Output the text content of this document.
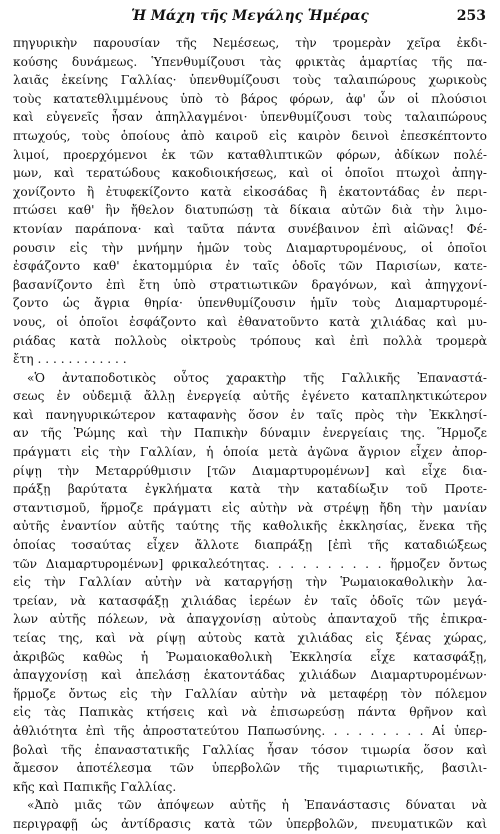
Ἡ Μάχη τῆς Μεγάλης Ἡμέρας	253
πηγυρικὴν παρουσίαν τῆς Νεμέσεως, τὴν τρομερὰν χεῖρα ἐκδι-
κούσης δυνάμεως. Ὑπενθυμίζουσι τὰς φρικτὰς ἁμαρτίας τῆς πα-
λαιᾶς ἐκείνης Γαλλίας· ὑπενθυμίζουσι τοὺς ταλαιπώρους χωρικοὺς
τοὺς κατατεθλιμμένους ὑπὸ τὸ βάρος φόρων, ἀφ' ὧν οἱ πλούσιοι
καὶ εὐγενεῖς ἦσαν ἀπηλλαγμένοι· ὑπενθυμίζουσι τοὺς ταλαιπώρους
πτωχούς, τοὺς ὁποίους ἀπὸ καιροῦ εἰς καιρὸν δεινοὶ ἐπεσκέπτοντο
λιμοί, προερχόμενοι ἐκ τῶν καταθλιπτικῶν φόρων, ἀδίκων πολέ-
μων, καὶ τερατώδους κακοδιοικήσεως, καὶ οἱ ὁποῖοι πτωχοὶ ἀπηγ-
χονίζοντο ἢ ἐτυφεκίζοντο κατὰ εἰκοσάδας ἢ ἑκατοντάδας ἐν περι-
πτώσει καθ' ἣν ἤθελον διατυπώσῃ τὰ δίκαια αὐτῶν διὰ τὴν λιμο-
κτονίαν παράπονα· καὶ ταῦτα πάντα συνέβαινον ἐπὶ αἰῶνας! Φέ-
ρουσιν εἰς τὴν μνήμην ἡμῶν τοὺς Διαμαρτυρομένους, οἱ ὁποῖοι
ἐσφάζοντο καθ' ἑκατομμύρια ἐν ταῖς ὁδοῖς τῶν Παρισίων, κατε-
βασανίζοντο ἐπὶ ἔτη ὑπὸ στρατιωτικῶν δραγόνων, καὶ ἀπηγχονί-
ζοντο ὡς ἄγρια θηρία· ὑπενθυμίζουσιν ἡμῖν τοὺς Διαμαρτυρομέ-
νους, οἱ ὁποῖοι ἐσφάζοντο καὶ ἐθανατοῦντο κατὰ χιλιάδας καὶ μυ-
ριάδας κατὰ πολλοὺς οἰκτροὺς τρόπους καὶ ἐπὶ πολλὰ τρομερὰ
ἔτη . . . . . . . . . . . .
«Ὁ ἀνταποδοτικὸς οὗτος χαρακτὴρ τῆς Γαλλικῆς Ἐπαναστά-
σεως ἐν οὐδεμιᾷ ἄλλῃ ἐνεργείᾳ αὐτῆς ἐγένετο καταπληκτικώτερον
καὶ πανηγυρικώτερον καταφανὴς ὅσον ἐν ταῖς πρὸς τὴν Ἐκκλησί-
αν τῆς Ῥώμης καὶ τὴν Παπικὴν δύναμιν ἐνεργείαις της. Ἥρμοζε
πράγματι εἰς τὴν Γαλλίαν, ἡ ὁποία μετὰ ἀγῶνα ἄγριον εἶχεν ἀπορ-
ρίψῃ τὴν Μεταρρύθμισιν [τῶν Διαμαρτυρομένων] καὶ εἶχε δια-
πράξῃ βαρύτατα ἐγκλήματα κατὰ τὴν καταδίωξιν τοῦ Προτε-
σταντισμοῦ, ἥρμοζε πράγματι εἰς αὐτὴν νὰ στρέψῃ ἤδη τὴν μανίαν
αὐτῆς ἐναντίον αὐτῆς ταύτης τῆς καθολικῆς ἐκκλησίας, ἕνεκα τῆς
ὁποίας τοσαύτας εἶχεν ἄλλοτε διαπράξῃ [ἐπὶ τῆς καταδιώξεως
τῶν Διαμαρτυρομένων] φρικαλεότητας. . . . . . . . . . ἥρμοζεν ὄντως
εἰς τὴν Γαλλίαν αὐτὴν νὰ καταργήσῃ τὴν Ῥωμαιοκαθολικὴν λα-
τρείαν, νὰ κατασφάξῃ χιλιάδας ἱερέων ἐν ταῖς ὁδοῖς τῶν μεγά-
λων αὐτῆς πόλεων, νὰ ἀπαγχονίσῃ αὐτοὺς ἁπανταχοῦ τῆς ἐπικρα-
τείας της, καὶ νὰ ρίψῃ αὐτοὺς κατὰ χιλιάδας εἰς ξένας χώρας,
ἀκριβῶς καθὼς ἡ Ῥωμαιοκαθολικὴ Ἐκκλησία εἶχε κατασφάξῃ,
ἀπαγχονίσῃ καὶ ἀπελάσῃ ἑκατοντάδας χιλιάδων Διαμαρτυρομένων·
ἥρμοζε ὄντως εἰς τὴν Γαλλίαν αὐτὴν νὰ μεταφέρῃ τὸν πόλεμον
εἰς τὰς Παπικὰς κτήσεις καὶ νὰ ἐπισωρεύσῃ πάντα θρῆνον καὶ
ἀθλιότητα ἐπὶ τῆς ἀπροστατεύτου Παπωσύνης. . . . . . . . . Αἱ ὑπερ-
βολαὶ τῆς ἐπαναστατικῆς Γαλλίας ἦσαν τόσον τιμωρία ὅσον καὶ
ἄμεσον ἀποτέλεσμα τῶν ὑπερβολῶν τῆς τιμαριωτικῆς, βασιλι-
κῆς καὶ Παπικῆς Γαλλίας.
«Ἀπὸ μιᾶς τῶν ἀπόψεων αὐτῆς ἡ Ἐπανάστασις δύναται νὰ
περιγραφῇ ὡς ἀντίδρασις κατὰ τῶν ὑπερβολῶν, πνευματικῶν καὶ
